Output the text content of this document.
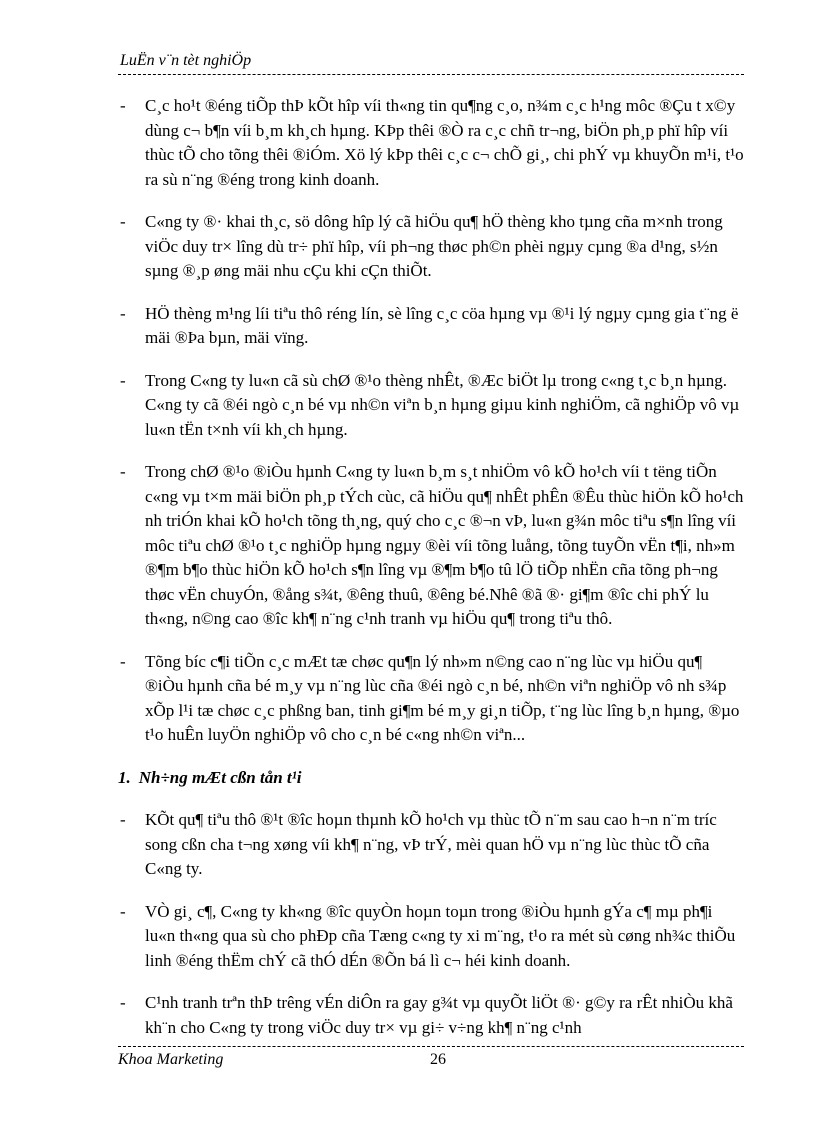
LuËn v¨n tèt nghiÖp
- C¸c ho¹t ®éng tiÕp thÞ kÕt hîp víi th«ng tin qu¶ng c¸o, n¾m c¸c h¹ng môc ®Çu t x©y dùng c¬ b¶n víi b¸m kh¸ch hµng. KÞp thêi ®Ò ra c¸c chñ tr¬ng, biÖn ph¸p phï hîp víi thùc tÕ cho tõng thêi ®iÓm. Xö lý kÞp thêi c¸c c¬ chÕ gi¸, chi phÝ vµ khuyÕn m¹i, t¹o ra sù n¨ng ®éng trong kinh doanh.
- C«ng ty ®· khai th¸c, sö dông hîp lý cã hiÖu qu¶ hÖ thèng kho tµng cña m×nh trong viÖc duy tr× lîng dù tr÷ phï hîp, víi ph¬ng thøc ph©n phèi ngµy cµng ®a d¹ng, s½n sµng ®¸p øng mäi nhu cÇu khi cÇn thiÕt.
- HÖ thèng m¹ng líi tiªu thô réng lín, sè lîng c¸c cöa hµng vµ ®¹i lý ngµy cµng gia t¨ng ë mäi ®Þa bµn, mäi vïng.
- Trong C«ng ty lu«n cã sù chØ ®¹o thèng nhÊt, ®Æc biÖt lµ trong c«ng t¸c b¸n hµng. C«ng ty cã ®éi ngò c¸n bé vµ nh©n viªn b¸n hµng giµu kinh nghiÖm, cã nghiÖp vô vµ lu«n tËn t×nh víi kh¸ch hµng.
- Trong chØ ®¹o ®iÒu hµnh C«ng ty lu«n b¸m s¸t nhiÖm vô kÕ ho¹ch víi t tëng tiÕn c«ng vµ t×m mäi biÖn ph¸p tÝch cùc, cã hiÖu qu¶ nhÊt phÊn ®Êu thùc hiÖn kÕ ho¹ch nh triÓn khai kÕ ho¹ch tõng th¸ng, quý cho c¸c ®¬n vÞ, lu«n g¾n môc tiªu s¶n lîng víi môc tiªu chØ ®¹o t¸c nghiÖp hµng ngµy ®èi víi tõng luång, tõng tuyÕn vËn t¶i, nh»m ®¶m b¶o thùc hiÖn kÕ ho¹ch s¶n lîng vµ ®¶m b¶o tû lÖ tiÕp nhËn cña tõng ph¬ng thøc vËn chuyÓn, ®ång s¾t, ®êng thuû, ®êng bé.Nhê ®ã ®· gi¶m ®îc chi phÝ lu th«ng, n©ng cao ®îc kh¶ n¨ng c¹nh tranh vµ hiÖu qu¶ trong tiªu thô.
- Tõng bíc c¶i tiÕn c¸c mÆt tæ chøc qu¶n lý nh»m n©ng cao n¨ng lùc vµ hiÖu qu¶ ®iÒu hµnh cña bé m¸y vµ n¨ng lùc cña ®éi ngò c¸n bé, nh©n viªn nghiÖp vô nh s¾p xÕp l¹i tæ chøc c¸c phßng ban, tinh gi¶m bé m¸y gi¸n tiÕp, t¨ng lùc lîng b¸n hµng, ®µo t¹o huÊn luyÖn nghiÖp vô cho c¸n bé c«ng nh©n viªn...
1. Nh÷ng mÆt cßn tån t¹i
- KÕt qu¶ tiªu thô ®¹t ®îc hoµn thµnh kÕ ho¹ch vµ thùc tÕ n¨m sau cao h¬n n¨m tríc song cßn cha t¬ng xøng víi kh¶ n¨ng, vÞ trÝ, mèi quan hÖ vµ n¨ng lùc thùc tÕ cña C«ng ty.
- VÒ gi¸ c¶, C«ng ty kh«ng ®îc quyÒn hoµn toµn trong ®iÒu hµnh gÝa c¶ mµ ph¶i lu«n th«ng qua sù cho phÐp cña Tæng c«ng ty xi m¨ng, t¹o ra mét sù cøng nh¾c thiÕu linh ®éng thËm chÝ cã thÓ dÉn ®Õn bá lì c¬ héi kinh doanh.
- C¹nh tranh trªn thÞ trêng vÉn diÔn ra gay g¾t vµ quyÕt liÖt ®· g©y ra rÊt nhiÒu khã kh¨n cho C«ng ty trong viÖc duy tr× vµ gi÷ v÷ng kh¶ n¨ng c¹nh
Khoa Marketing	26
